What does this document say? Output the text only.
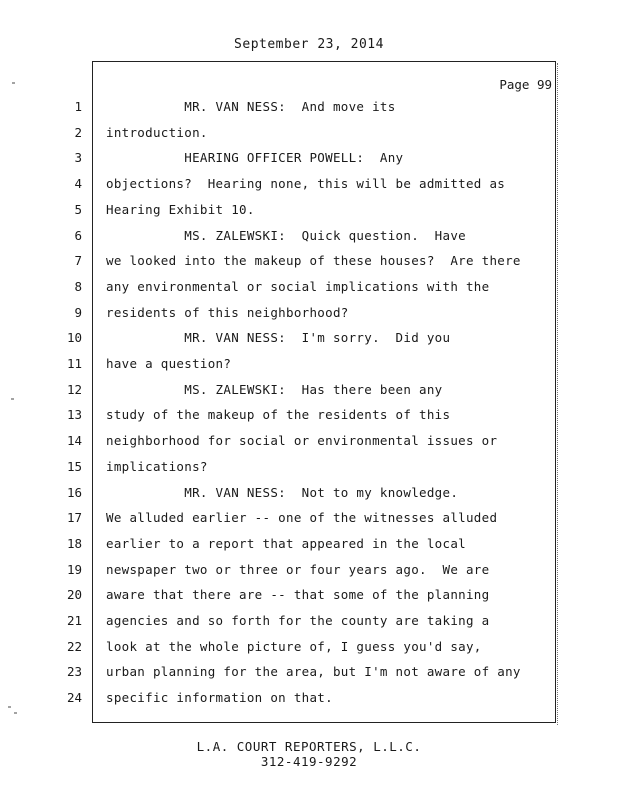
September 23, 2014
Page 99
1 MR. VAN NESS:  And move its
2 introduction.
3 HEARING OFFICER POWELL:  Any
4 objections?  Hearing none, this will be admitted as
5 Hearing Exhibit 10.
6 MS. ZALEWSKI:  Quick question.  Have
7 we looked into the makeup of these houses?  Are there
8 any environmental or social implications with the
9 residents of this neighborhood?
10 MR. VAN NESS:  I'm sorry.  Did you
11 have a question?
12 MS. ZALEWSKI:  Has there been any
13 study of the makeup of the residents of this
14 neighborhood for social or environmental issues or
15 implications?
16 MR. VAN NESS:  Not to my knowledge.
17 We alluded earlier -- one of the witnesses alluded
18 earlier to a report that appeared in the local
19 newspaper two or three or four years ago.  We are
20 aware that there are -- that some of the planning
21 agencies and so forth for the county are taking a
22 look at the whole picture of, I guess you'd say,
23 urban planning for the area, but I'm not aware of any
24 specific information on that.
L.A. COURT REPORTERS, L.L.C.
312-419-9292
